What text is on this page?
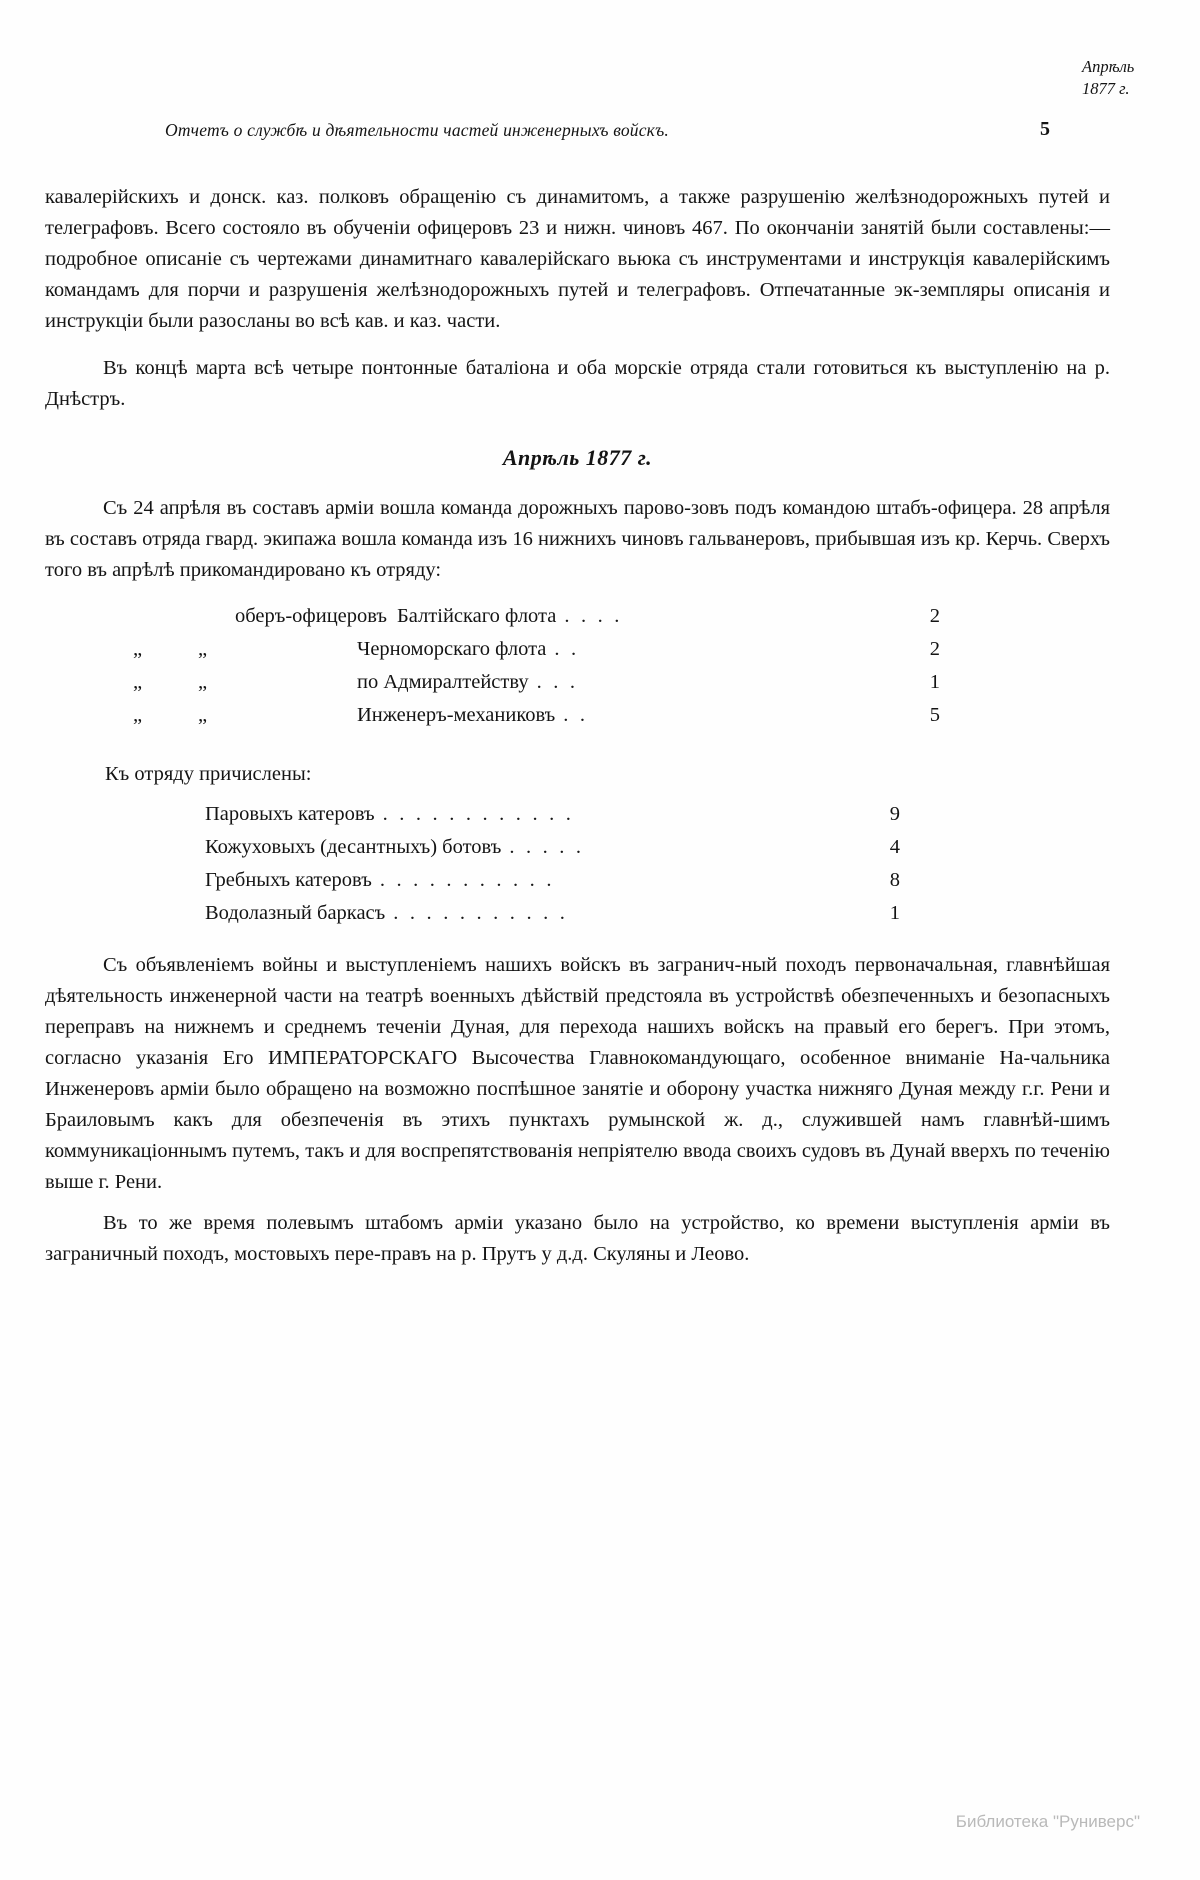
Отчетъ о службѣ и дѣятельности частей инженерныхъ войскъ.	5

кавалерійскихъ и донск. каз. полковъ обращенію съ динамитомъ, а также разрушенію желѣзнодорожныхъ путей и телеграфовъ. Всего состояло въ обученіи офицеровъ 23 и нижн. чиновъ 467. По окончаніи занятій были составлены:—подробное описаніе съ чертежами динамитнаго кавалерійскаго вьюка съ инструментами и инструкція кавалерійскимъ командамъ для порчи и разрушенія желѣзнодорожныхъ путей и телеграфовъ. Отпечатанные эк-земпляры описанія и инструкціи были разосланы во всѣ кав. и каз. части.

Въ концѣ марта всѣ четыре понтонные баталіона и оба морскіе отряда стали готовиться къ выступленію на р. Днѣстръ.

Апрѣль 1877 г.

Съ 24 апрѣля въ составъ арміи вошла команда дорожныхъ парово-зовъ подъ командою штабъ-офицера. 28 апрѣля въ составъ отряда гвард. экипажа вошла команда изъ 16 нижнихъ чиновъ гальванеровъ, прибывшая изъ кр. Керчь. Сверхъ того въ апрѣлѣ прикомандировано къ отряду:

оберъ-офицеровъ Балтійскаго флота . . . .	2
„	„	Черноморскаго флота . .	2
„	„	по Адмиралтейству . . .	1
„	„	Инженеръ-механиковъ . .	5
Къ отряду причислены:
Паровыхъ катеровъ . . . . . . . . . . . .	9
Кожуховыхъ (десантныхъ) ботовъ . . . . .	4
Гребныхъ катеровъ . . . . . . . . . . .	8
Водолазный баркасъ . . . . . . . . . . .	1

Съ объявленіемъ войны и выступленіемъ нашихъ войскъ въ загранич-ный походъ первоначальная, главнѣйшая дѣятельность инженерной части на театрѣ военныхъ дѣйствій предстояла въ устройствѣ обезпеченныхъ и безопасныхъ переправъ на нижнемъ и среднемъ теченіи Дуная, для перехода нашихъ войскъ на правый его берегъ. При этомъ, согласно указанія Его ИМПЕРАТОРСКАГО Высочества Главнокомандующаго, особенное вниманіе На-чальника Инженеровъ арміи было обращено на возможно поспѣшное занятіе и оборону участка нижняго Дуная между г.г. Рени и Браиловымъ какъ для обезпеченія въ этихъ пунктахъ румынской ж. д., служившей намъ главнѣй-шимъ коммуникаціоннымъ путемъ, такъ и для воспрепятствованія непріятелю ввода своихъ судовъ въ Дунай вверхъ по теченію выше г. Рени.

Въ то же время полевымъ штабомъ арміи указано было на устройство, ко времени выступленія арміи въ заграничный походъ, мостовыхъ пере-правъ на р. Прутъ у д.д. Скуляны и Леово.

Апрѣль
1877 г.
Библиотека "Руниверс"
